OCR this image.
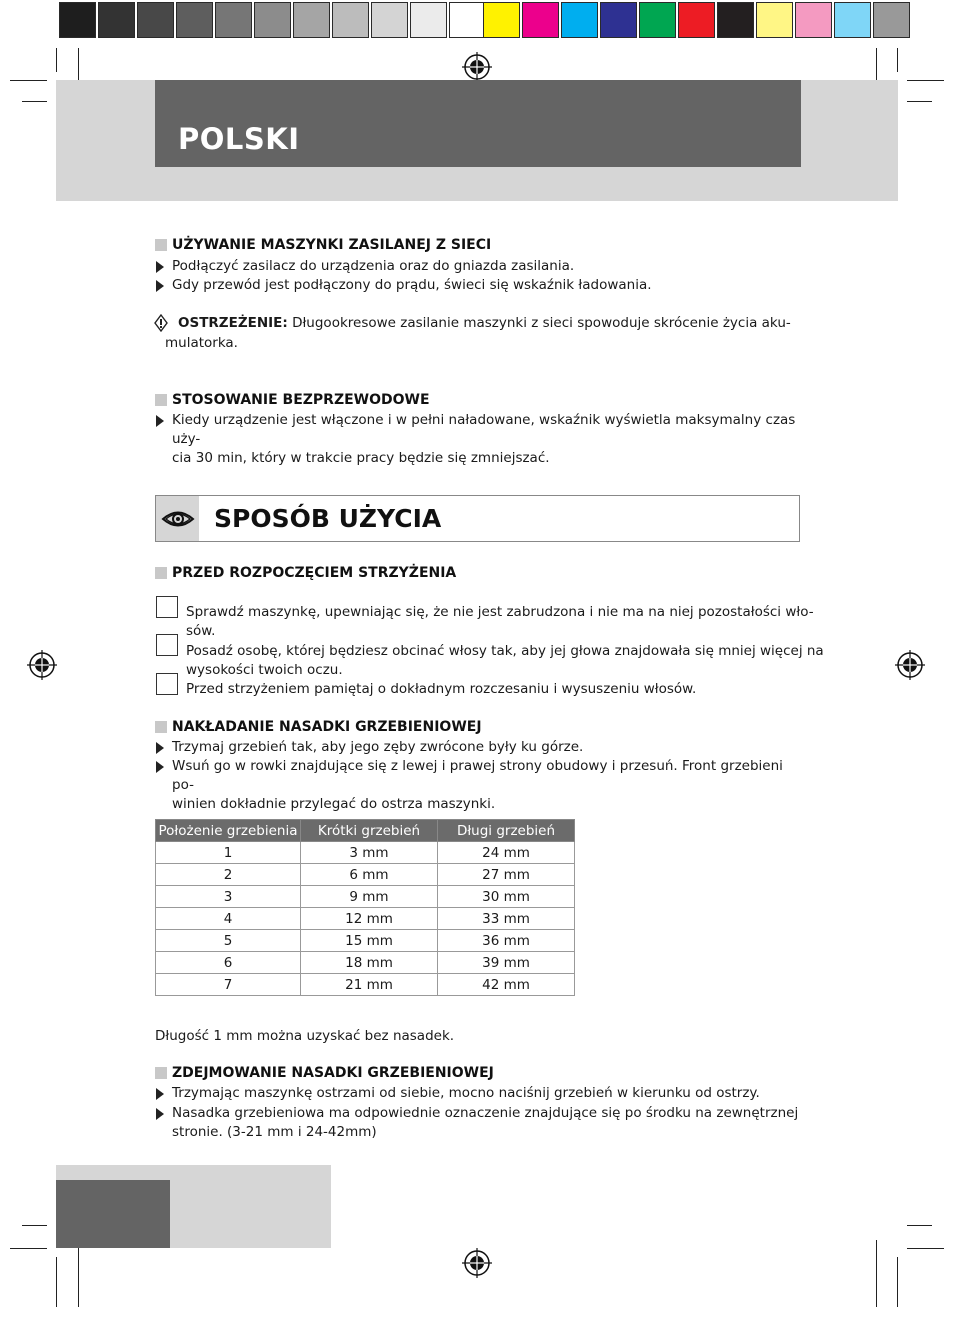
POLSKI
UŻYWANIE MASZYNKI ZASILANEJ Z SIECI
Podłączyć zasilacz do urządzenia oraz do gniazda zasilania.
Gdy przewód jest podłączony do prądu, świeci się wskaźnik ładowania.
OSTRZEŻENIE: Długookresowe zasilanie maszynki z sieci spowoduje skrócenie życia aku-
mulatorka.
STOSOWANIE BEZPRZEWODOWE
Kiedy urządzenie jest włączone i w pełni naładowane, wskaźnik wyświetla maksymalny czas uży-
cia 30 min, który w trakcie pracy będzie się zmniejszać.
SPOSÓB UŻYCIA
PRZED ROZPOCZĘCIEM STRZYŻENIA
Sprawdź maszynkę, upewniając się, że nie jest zabrudzona i nie ma na niej pozostałości wło-
sów.
Posadź osobę, której będziesz obcinać włosy tak, aby jej głowa znajdowała się mniej więcej na
wysokości twoich oczu.
Przed strzyżeniem pamiętaj o dokładnym rozczesaniu i wysuszeniu włosów.
NAKŁADANIE NASADKI GRZEBIENIOWEJ
Trzymaj grzebień tak, aby jego zęby zwrócone były ku górze.
Wsuń go w rowki znajdujące się z lewej i prawej strony obudowy i przesuń. Front grzebieni po-
winien dokładnie przylegać do ostrza maszynki.
Położenie grzebienia	Krótki grzebień	Długi grzebień
1	3 mm	24 mm
2	6 mm	27 mm
3	9 mm	30 mm
4	12 mm	33 mm
5	15 mm	36 mm
6	18 mm	39 mm
7	21 mm	42 mm
Długość 1 mm można uzyskać bez nasadek.
ZDEJMOWANIE NASADKI GRZEBIENIOWEJ
Trzymając maszynkę ostrzami od siebie, mocno naciśnij grzebień w kierunku od ostrzy.
Nasadka grzebieniowa ma odpowiednie oznaczenie znajdujące się po środku na zewnętrznej
stronie. (3-21 mm i 24-42mm)
